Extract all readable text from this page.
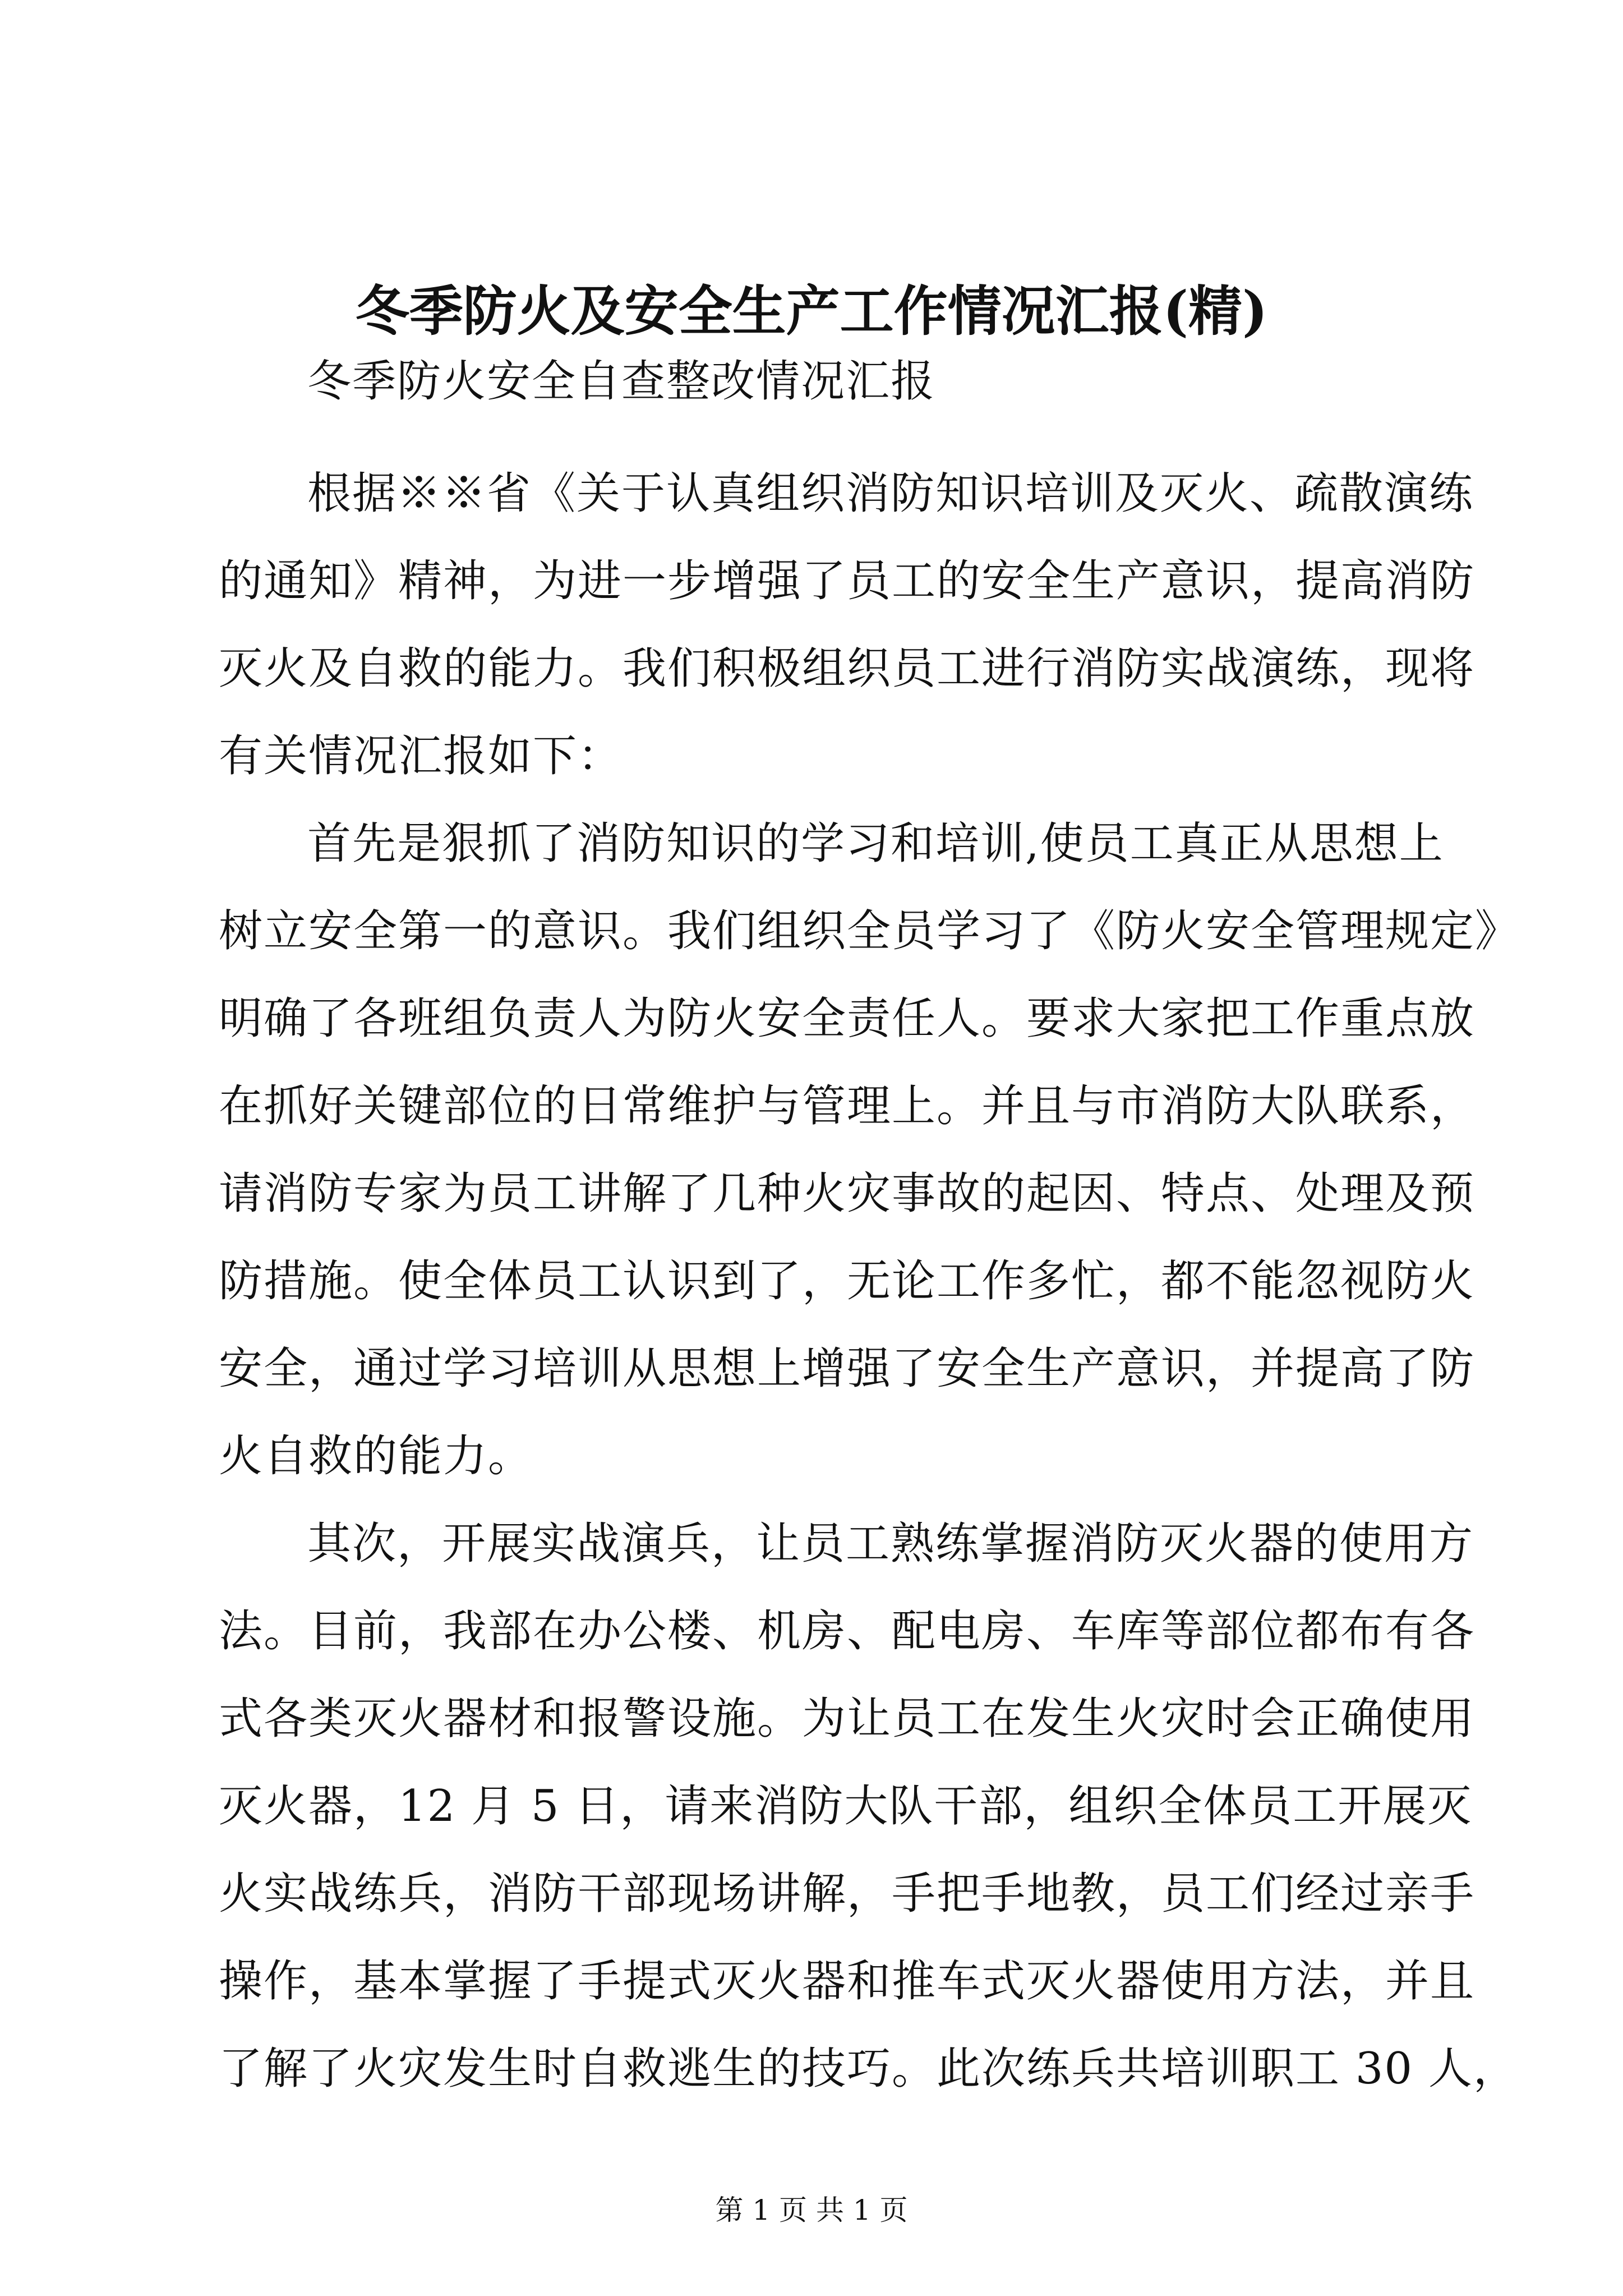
冬季防火及安全生产工作情况汇报(精)
冬季防火安全自查整改情况汇报
根据※※省《关于认真组织消防知识培训及灭火、疏散演练
的通知》精神，为进一步增强了员工的安全生产意识，提高消防
灭火及自救的能力。我们积极组织员工进行消防实战演练，现将
有关情况汇报如下：
首先是狠抓了消防知识的学习和培训,使员工真正从思想上
树立安全第一的意识。我们组织全员学习了《防火安全管理规定》
明确了各班组负责人为防火安全责任人。要求大家把工作重点放
在抓好关键部位的日常维护与管理上。并且与市消防大队联系，
请消防专家为员工讲解了几种火灾事故的起因、特点、处理及预
防措施。使全体员工认识到了，无论工作多忙，都不能忽视防火
安全，通过学习培训从思想上增强了安全生产意识，并提高了防
火自救的能力。
其次，开展实战演兵，让员工熟练掌握消防灭火器的使用方
法。目前，我部在办公楼、机房、配电房、车库等部位都布有各
式各类灭火器材和报警设施。为让员工在发生火灾时会正确使用
灭火器，12 月 5 日，请来消防大队干部，组织全体员工开展灭
火实战练兵，消防干部现场讲解，手把手地教，员工们经过亲手
操作，基本掌握了手提式灭火器和推车式灭火器使用方法，并且
了解了火灾发生时自救逃生的技巧。此次练兵共培训职工 30 人，
第 1 页 共 1 页
